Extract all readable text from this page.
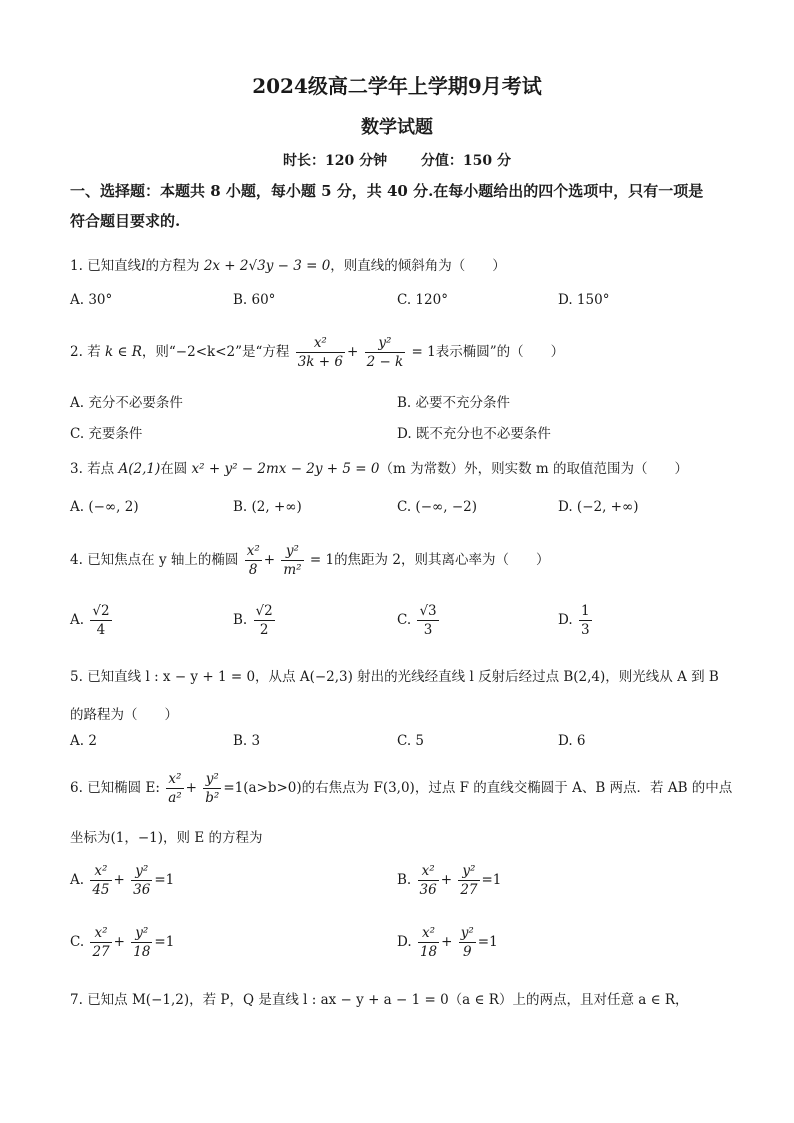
2024级高二学年上学期9月考试
数学试题
时长：120 分钟 分值：150 分
一、选择题：本题共 8 小题，每小题 5 分，共 40 分.在每小题给出的四个选项中，只有一项是
符合题目要求的.
1. 已知直线l的方程为 2x + 2√3y − 3 = 0，则直线的倾斜角为（　　）
A. 30°	B. 60°	C. 120°	D. 150°
2. 若 k ∈ R，则“−2<k<2”是“方程 $\frac{\text{x²}}{3k + 6} + \frac{\text{y²}}{2 - k} = 1$表示椭圆”的（　　）
A. 充分不必要条件	B. 必要不充分条件
C. 充要条件	D. 既不充分也不必要条件
3. 若点 A(2,1)在圆 x² + y² − 2mx − 2y + 5 = 0（m 为常数）外，则实数 m 的取值范围为（　　）
A. (−∞, 2)	B. (2, +∞)	C. (−∞, −2)	D. (−2, +∞)
4. 已知焦点在 y 轴上的椭圆 $\frac{\text{x²}}{8} + \frac{\text{y²}}{\text{m²}} = 1$的焦距为 2，则其离心率为（　　）
A. $\frac{√2}{4}$	B. $\frac{√2}{2}$	C. $\frac{√3}{3}$	D. $\frac{1}{3}$
5. 已知直线 l : x − y + 1 = 0，从点 A(−2,3) 射出的光线经直线 l 反射后经过点 B(2,4)，则光线从 A 到 B
的路程为（　　）
A. 2	B. 3	C. 5	D. 6
6. 已知椭圆 E: $\frac{\text{x²}}{\text{a²}} + \frac{\text{y²}}{\text{b²}} =1(a>b>0)$的右焦点为 F(3,0)，过点 F 的直线交椭圆于 A、B 两点．若 AB 的中点
坐标为(1，−1)，则 E 的方程为
A. $\frac{\text{x²}}{45} + \frac{\text{y²}}{36} =1$	B. $\frac{\text{x²}}{36} + \frac{\text{y²}}{27} =1$
C. $\frac{\text{x²}}{27} + \frac{\text{y²}}{18} =1$	D. $\frac{\text{x²}}{18} + \frac{\text{y²}}{9} =1$
7. 已知点 M(−1,2)，若 P，Q 是直线 l : ax − y + a − 1 = 0（a ∈ R）上的两点，且对任意 a ∈ R，
